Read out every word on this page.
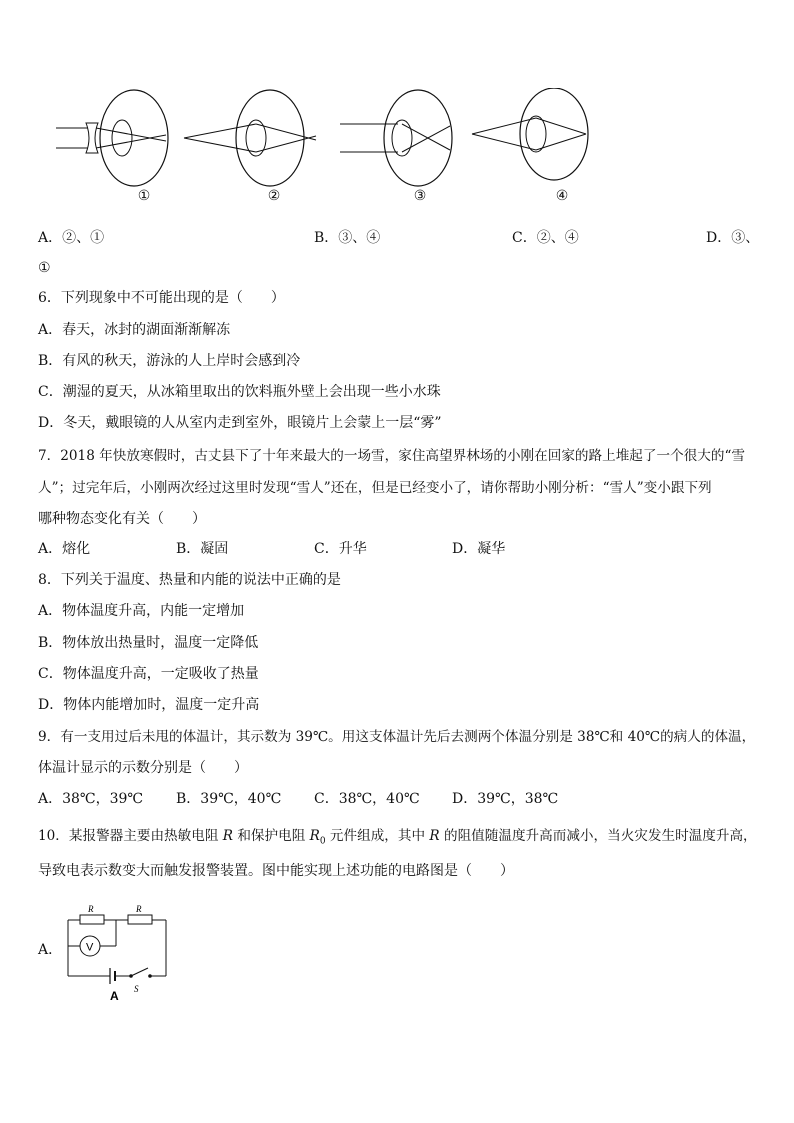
①	②	③	④
A．②、①	B．③、④	C．②、④	D．③、
①
6．下列现象中不可能出现的是（　　）
A．春天，冰封的湖面渐渐解冻
B．有风的秋天，游泳的人上岸时会感到冷
C．潮湿的夏天，从冰箱里取出的饮料瓶外壁上会出现一些小水珠
D．冬天，戴眼镜的人从室内走到室外，眼镜片上会蒙上一层“雾”
7．2018 年快放寒假时，古丈县下了十年来最大的一场雪，家住高望界林场的小刚在回家的路上堆起了一个很大的“雪
人”；过完年后，小刚两次经过这里时发现“雪人”还在，但是已经变小了，请你帮助小刚分析：“雪人”变小跟下列
哪种物态变化有关（　　）
A．熔化	B．凝固	C．升华	D．凝华
8．下列关于温度、热量和内能的说法中正确的是
A．物体温度升高，内能一定增加
B．物体放出热量时，温度一定降低
C．物体温度升高，一定吸收了热量
D．物体内能增加时，温度一定升高
9．有一支用过后未甩的体温计，其示数为 39℃。用这支体温计先后去测两个体温分别是 38℃和 40℃的病人的体温，
体温计显示的示数分别是（　　）
A．38℃，39℃ B．39℃，40℃ C．38℃，40℃ D．39℃，38℃
10．某报警器主要由热敏电阻 R 和保护电阻 $R_0$ 元件组成，其中 R 的阻值随温度升高而减小，当火灾发生时温度升高，
导致电表示数变大而触发报警装置。图中能实现上述功能的电路图是（　　）
A． V
R	R
S
A
